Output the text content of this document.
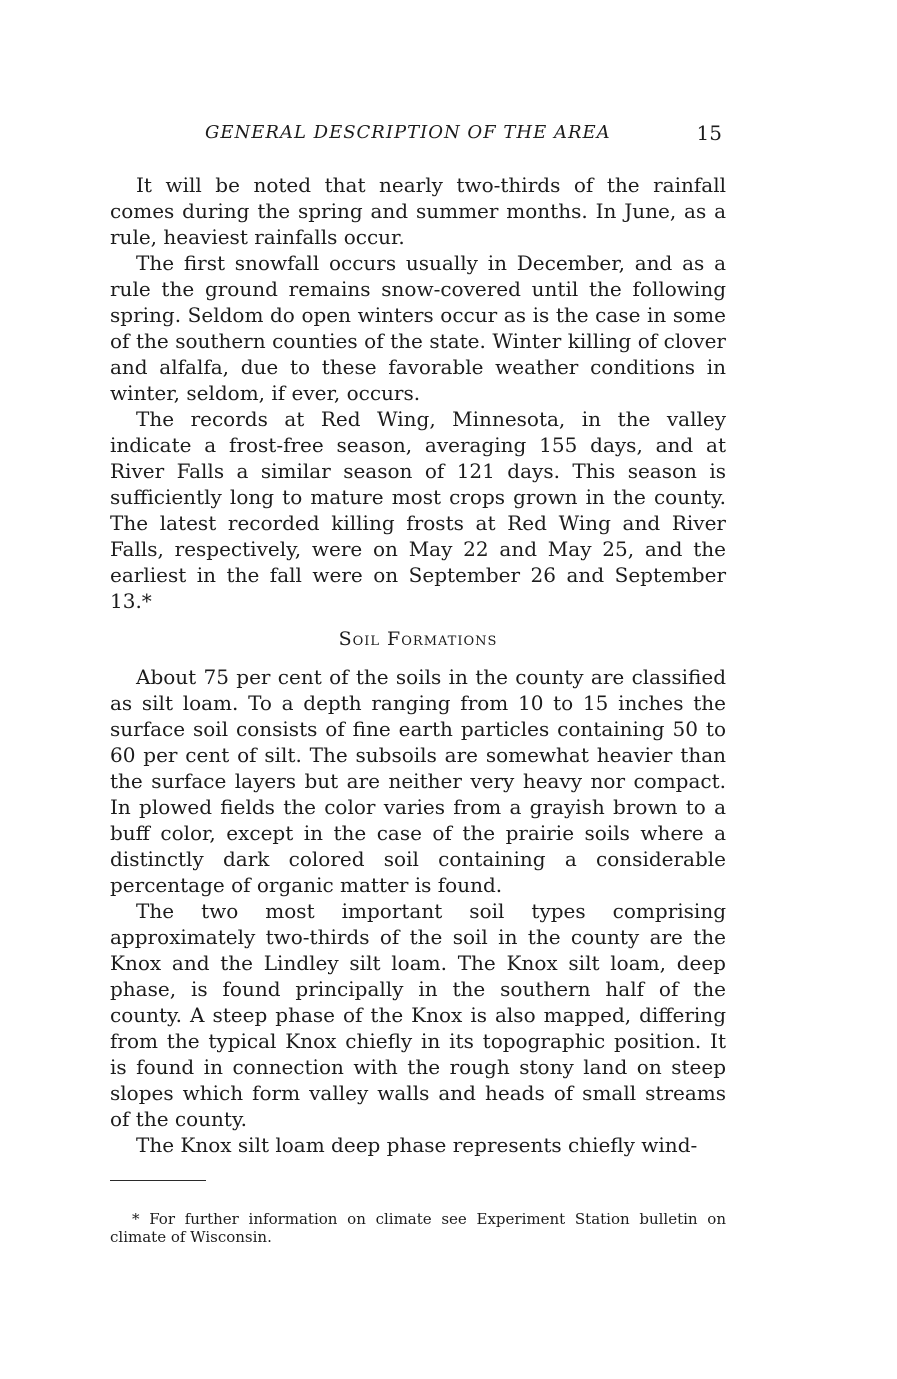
GENERAL DESCRIPTION OF THE AREA	15

It will be noted that nearly two-thirds of the rainfall comes during the spring and summer months. In June, as a rule, heaviest rainfalls occur.

The first snowfall occurs usually in December, and as a rule the ground remains snow-covered until the following spring. Seldom do open winters occur as is the case in some of the southern counties of the state. Winter killing of clover and alfalfa, due to these favorable weather conditions in winter, seldom, if ever, occurs.

The records at Red Wing, Minnesota, in the valley indicate a frost-free season, averaging 155 days, and at River Falls a similar season of 121 days. This season is sufficiently long to mature most crops grown in the county. The latest recorded killing frosts at Red Wing and River Falls, respectively, were on May 22 and May 25, and the earliest in the fall were on September 26 and September 13.*

Soil Formations

About 75 per cent of the soils in the county are classified as silt loam. To a depth ranging from 10 to 15 inches the surface soil consists of fine earth particles containing 50 to 60 per cent of silt. The subsoils are somewhat heavier than the surface layers but are neither very heavy nor compact. In plowed fields the color varies from a grayish brown to a buff color, except in the case of the prairie soils where a distinctly dark colored soil containing a considerable percentage of organic matter is found.

The two most important soil types comprising approximately two-thirds of the soil in the county are the Knox and the Lindley silt loam. The Knox silt loam, deep phase, is found principally in the southern half of the county. A steep phase of the Knox is also mapped, differing from the typical Knox chiefly in its topographic position. It is found in connection with the rough stony land on steep slopes which form valley walls and heads of small streams of the county.

The Knox silt loam deep phase represents chiefly wind-

* For further information on climate see Experiment Station bulletin on climate of Wisconsin.
